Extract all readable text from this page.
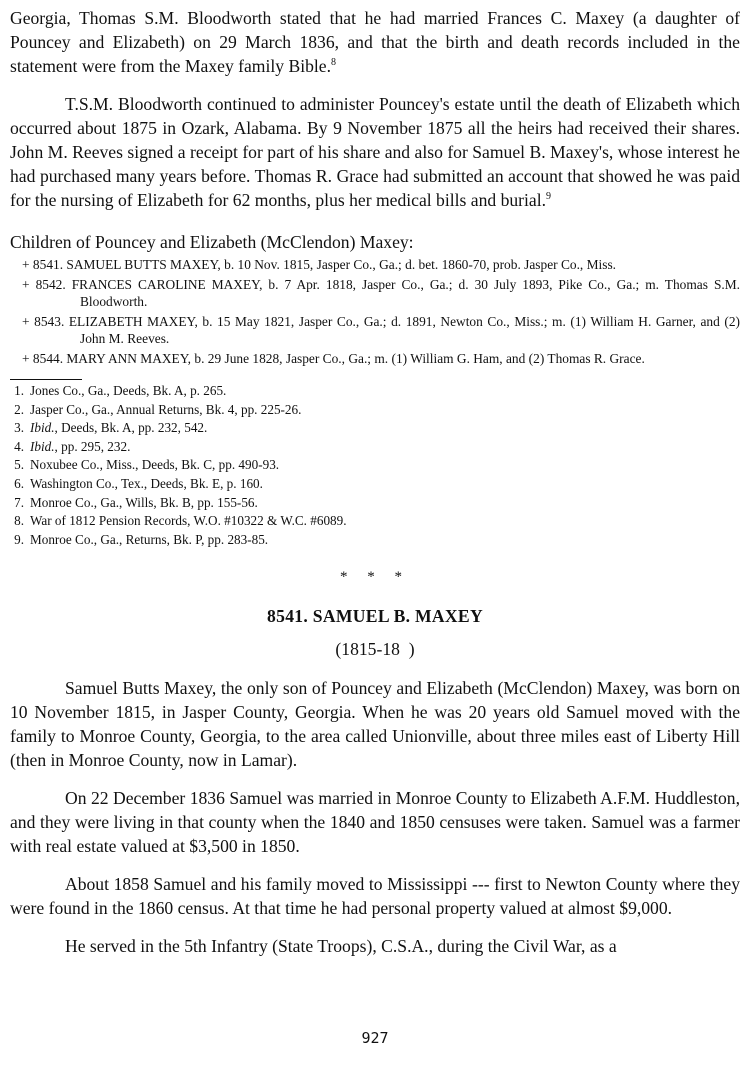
Georgia, Thomas S.M. Bloodworth stated that he had married Frances C. Maxey (a daughter of Pouncey and Elizabeth) on 29 March 1836, and that the birth and death records included in the statement were from the Maxey family Bible.$^8$

T.S.M. Bloodworth continued to administer Pouncey's estate until the death of Elizabeth which occurred about 1875 in Ozark, Alabama. By 9 November 1875 all the heirs had received their shares. John M. Reeves signed a receipt for part of his share and also for Samuel B. Maxey's, whose interest he had purchased many years before. Thomas R. Grace had submitted an account that showed he was paid for the nursing of Elizabeth for 62 months, plus her medical bills and burial.$^9$

Children of Pouncey and Elizabeth (McClendon) Maxey:

+ 8541. SAMUEL BUTTS MAXEY, b. 10 Nov. 1815, Jasper Co., Ga.; d. bet. 1860-70, prob. Jasper Co., Miss.
+ 8542. FRANCES CAROLINE MAXEY, b. 7 Apr. 1818, Jasper Co., Ga.; d. 30 July 1893, Pike Co., Ga.; m. Thomas S.M. Bloodworth.
+ 8543. ELIZABETH MAXEY, b. 15 May 1821, Jasper Co., Ga.; d. 1891, Newton Co., Miss.; m. (1) William H. Garner, and (2) John M. Reeves.
+ 8544. MARY ANN MAXEY, b. 29 June 1828, Jasper Co., Ga.; m. (1) William G. Ham, and (2) Thomas R. Grace.
1. Jones Co., Ga., Deeds, Bk. A, p. 265.
2. Jasper Co., Ga., Annual Returns, Bk. 4, pp. 225-26.
3. Ibid., Deeds, Bk. A, pp. 232, 542.
4. Ibid., pp. 295, 232.
5. Noxubee Co., Miss., Deeds, Bk. C, pp. 490-93.
6. Washington Co., Tex., Deeds, Bk. E, p. 160.
7. Monroe Co., Ga., Wills, Bk. B, pp. 155-56.
8. War of 1812 Pension Records, W.O. #10322 & W.C. #6089.
9. Monroe Co., Ga., Returns, Bk. P, pp. 283-85.
* * *
8541. SAMUEL B. MAXEY
(1815-18  )

Samuel Butts Maxey, the only son of Pouncey and Elizabeth (McClendon) Maxey, was born on 10 November 1815, in Jasper County, Georgia. When he was 20 years old Samuel moved with the family to Monroe County, Georgia, to the area called Unionville, about three miles east of Liberty Hill (then in Monroe County, now in Lamar).

On 22 December 1836 Samuel was married in Monroe County to Elizabeth A.F.M. Huddleston, and they were living in that county when the 1840 and 1850 censuses were taken. Samuel was a farmer with real estate valued at $3,500 in 1850.

About 1858 Samuel and his family moved to Mississippi --- first to Newton County where they were found in the 1860 census. At that time he had personal property valued at almost $9,000.

He served in the 5th Infantry (State Troops), C.S.A., during the Civil War, as a

927
